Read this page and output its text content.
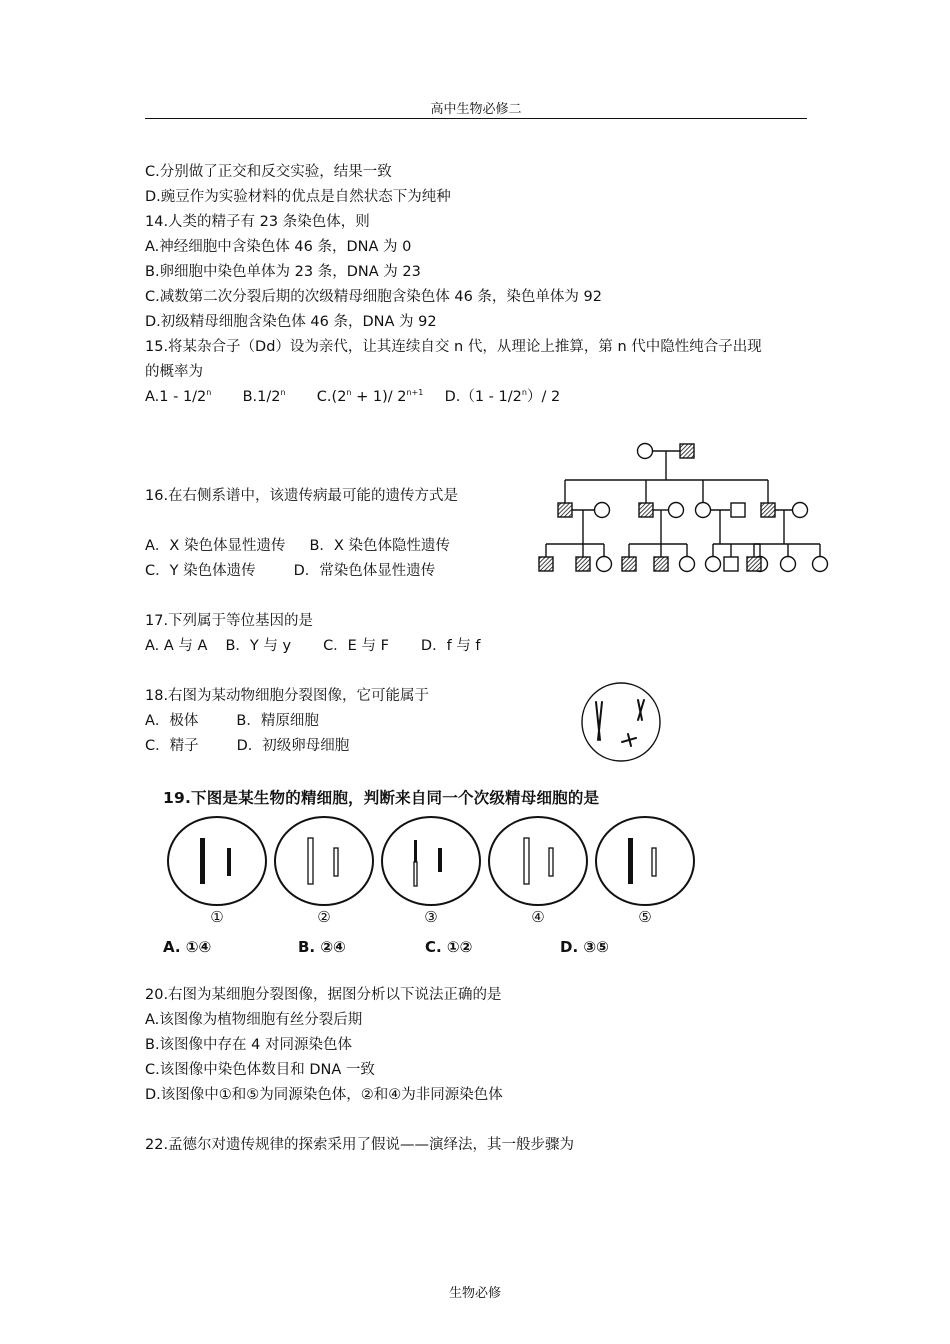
高中生物必修二
C.分别做了正交和反交实验，结果一致
D.豌豆作为实验材料的优点是自然状态下为纯种
14.人类的精子有 23 条染色体，则
A.神经细胞中含染色体 46 条，DNA 为 0
B.卵细胞中染色单体为 23 条，DNA 为 23
C.减数第二次分裂后期的次级精母细胞含染色体 46 条，染色单体为 92
D.初级精母细胞含染色体 46 条，DNA 为 92
15.将某杂合子（Dd）设为亲代，让其连续自交 n 代，从理论上推算，第 n 代中隐性纯合子出现
的概率为
A.1 - 1/2$^n$ B.1/2$^n$ $C.(2^n + 1)/$ $2^{n+1}$ D.（1 - 1/2$^n$）/ 2
16.在右侧系谱中，该遗传病最可能的遗传方式是
A．X 染色体显性遗传 B．X 染色体隐性遗传
C．Y 染色体遗传	D．常染色体显性遗传
17.下列属于等位基因的是
A. A 与 A B．Y 与 y C．E 与 F D．f 与 f
18.右图为某动物细胞分裂图像，它可能属于
A．极体	B．精原细胞
C．精子	D．初级卵母细胞
19.下图是某生物的精细胞，判断来自同一个次级精母细胞的是
①	②	③	④	⑤
A. ①④	B. ②④	C. ①②	D. ③⑤
20.右图为某细胞分裂图像，据图分析以下说法正确的是
A.该图像为植物细胞有丝分裂后期
B.该图像中存在 4 对同源染色体
C.该图像中染色体数目和 DNA 一致
D.该图像中①和⑤为同源染色体，②和④为非同源染色体
22.孟德尔对遗传规律的探索采用了假说——演绎法，其一般步骤为
生物必修
